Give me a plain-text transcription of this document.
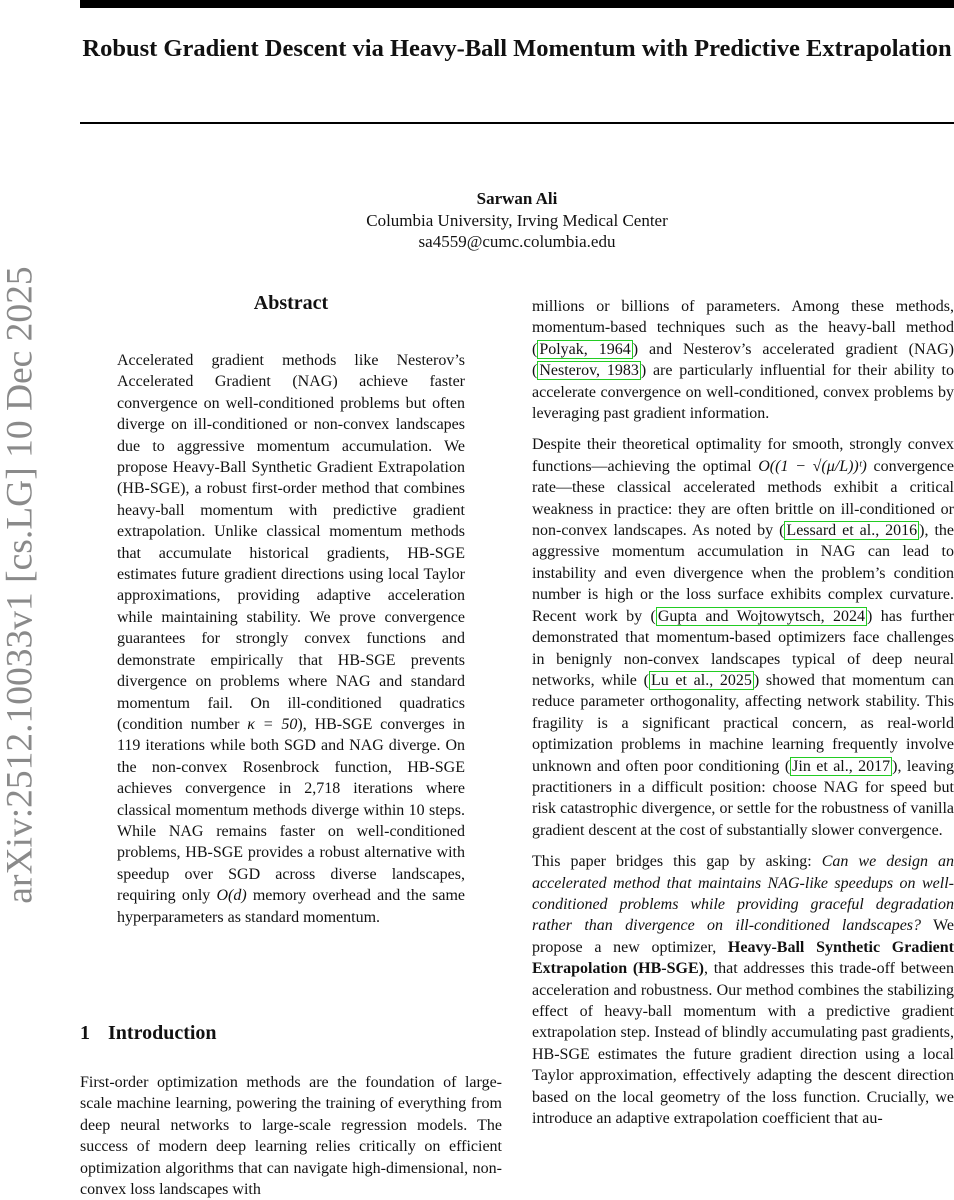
Robust Gradient Descent via Heavy-Ball Momentum with Predictive Extrapolation
Sarwan Ali
Columbia University, Irving Medical Center
sa4559@cumc.columbia.edu
arXiv:2512.10033v1 [cs.LG] 10 Dec 2025	Abstract

Accelerated gradient methods like Nesterov’s Accelerated Gradient (NAG) achieve faster convergence on well-conditioned problems but often diverge on ill-conditioned or non-convex landscapes due to aggressive momentum accumulation. We propose Heavy-Ball Synthetic Gradient Extrapolation (HB-SGE), a robust first-order method that combines heavy-ball momentum with predictive gradient extrapolation. Unlike classical momentum methods that accumulate historical gradients, HB-SGE estimates future gradient directions using local Taylor approximations, providing adaptive acceleration while maintaining stability. We prove convergence guarantees for strongly convex functions and demonstrate empirically that HB-SGE prevents divergence on problems where NAG and standard momentum fail. On ill-conditioned quadratics (condition number κ = 50), HB-SGE converges in 119 iterations while both SGD and NAG diverge. On the non-convex Rosenbrock function, HB-SGE achieves convergence in 2,718 iterations where classical momentum methods diverge within 10 steps. While NAG remains faster on well-conditioned problems, HB-SGE provides a robust alternative with speedup over SGD across diverse landscapes, requiring only O(d) memory overhead and the same hyperparameters as standard momentum.

1 Introduction

First-order optimization methods are the foundation of large-scale machine learning, powering the training of everything from deep neural networks to large-scale regression models. The success of modern deep learning relies critically on efficient optimization algorithms that can navigate high-dimensional, non-convex loss landscapes with

millions or billions of parameters. Among these methods, momentum-based techniques such as the heavy-ball method ( Polyak, 1964 ) and Nesterov’s accelerated gradient (NAG) ( Nesterov, 1983 ) are particularly influential for their ability to accelerate convergence on well-conditioned, convex problems by leveraging past gradient information.

Despite their theoretical optimality for smooth, strongly convex functions—achieving the optimal O((1 − √(μ/L))ᵗ) convergence rate—these classical accelerated methods exhibit a critical weakness in practice: they are often brittle on ill-conditioned or non-convex landscapes. As noted by ( Lessard et al., 2016 ), the aggressive momentum accumulation in NAG can lead to instability and even divergence when the problem’s condition number is high or the loss surface exhibits complex curvature. Recent work by ( Gupta and Wojtowytsch, 2024 ) has further demonstrated that momentum-based optimizers face challenges in benignly non-convex landscapes typical of deep neural networks, while ( Lu et al., 2025 ) showed that momentum can reduce parameter orthogonality, affecting network stability. This fragility is a significant practical concern, as real-world optimization problems in machine learning frequently involve unknown and often poor conditioning ( Jin et al., 2017 ), leaving practitioners in a difficult position: choose NAG for speed but risk catastrophic divergence, or settle for the robustness of vanilla gradient descent at the cost of substantially slower convergence.

This paper bridges this gap by asking: Can we design an accelerated method that maintains NAG-like speedups on well-conditioned problems while providing graceful degradation rather than divergence on ill-conditioned landscapes? We propose a new optimizer, Heavy-Ball Synthetic Gradient Extrapolation (HB-SGE), that addresses this trade-off between acceleration and robustness. Our method combines the stabilizing effect of heavy-ball momentum with a predictive gradient extrapolation step. Instead of blindly accumulating past gradients, HB-SGE estimates the future gradient direction using a local Taylor approximation, effectively adapting the descent direction based on the local geometry of the loss function. Crucially, we introduce an adaptive extrapolation coefficient that au-
